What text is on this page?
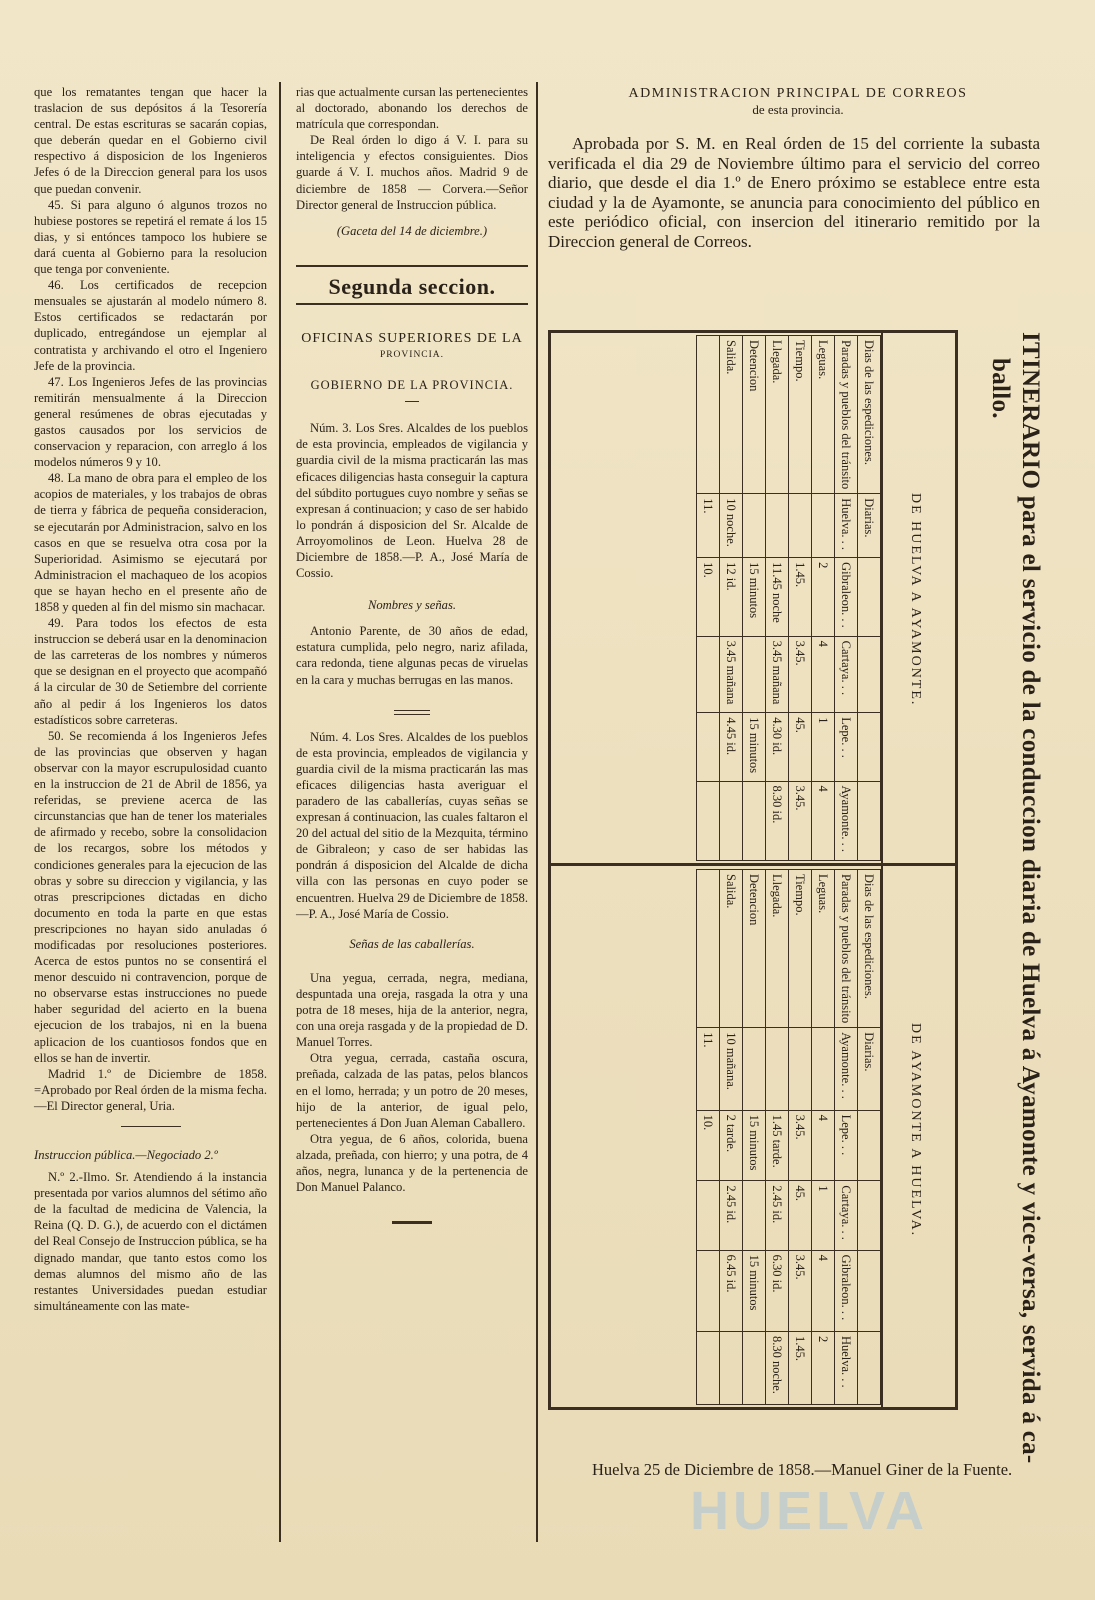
que los rematantes tengan que hacer la traslacion de sus depósitos á la Tesorería central. De estas escrituras se sacarán copias, que deberán quedar en el Gobierno civil respectivo á disposicion de los Ingenieros Jefes ó de la Direccion general para los usos que puedan convenir.

45. Si para alguno ó algunos trozos no hubiese postores se repetirá el remate á los 15 dias, y si entónces tampoco los hubiere se dará cuenta al Gobierno para la resolucion que tenga por conveniente.

46. Los certificados de recepcion mensuales se ajustarán al modelo número 8. Estos certificados se redactarán por duplicado, entregándose un ejemplar al contratista y archivando el otro el Ingeniero Jefe de la provincia.

47. Los Ingenieros Jefes de las provincias remitirán mensualmente á la Direccion general resúmenes de obras ejecutadas y gastos causados por los servicios de conservacion y reparacion, con arreglo á los modelos números 9 y 10.

48. La mano de obra para el empleo de los acopios de materiales, y los trabajos de obras de tierra y fábrica de pequeña consideracion, se ejecutarán por Administracion, salvo en los casos en que se resuelva otra cosa por la Superioridad. Asimismo se ejecutará por Administracion el machaqueo de los acopios que se hayan hecho en el presente año de 1858 y queden al fin del mismo sin machacar.

49. Para todos los efectos de esta instruccion se deberá usar en la denominacion de las carreteras de los nombres y números que se designan en el proyecto que acompañó á la circular de 30 de Setiembre del corriente año al pedir á los Ingenieros los datos estadísticos sobre carreteras.

50. Se recomienda á los Ingenieros Jefes de las provincias que observen y hagan observar con la mayor escrupulosidad cuanto en la instruccion de 21 de Abril de 1856, ya referidas, se previene acerca de las circunstancias que han de tener los materiales de afirmado y recebo, sobre la consolidacion de los recargos, sobre los métodos y condiciones generales para la ejecucion de las obras y sobre su direccion y vigilancia, y las otras prescripciones dictadas en dicho documento en toda la parte en que estas prescripciones no hayan sido anuladas ó modificadas por resoluciones posteriores. Acerca de estos puntos no se consentirá el menor descuido ni contravencion, porque de no observarse estas instrucciones no puede haber seguridad del acierto en la buena ejecucion de los trabajos, ni en la buena aplicacion de los cuantiosos fondos que en ellos se han de invertir.

Madrid 1.º de Diciembre de 1858. =Aprobado por Real órden de la misma fecha.—El Director general, Uria.

Instruccion pública.—Negociado 2.º

N.º 2.-Ilmo. Sr. Atendiendo á la instancia presentada por varios alumnos del sétimo año de la facultad de medicina de Valencia, la Reina (Q. D. G.), de acuerdo con el dictámen del Real Consejo de Instruccion pública, se ha dignado mandar, que tanto estos como los demas alumnos del mismo año de las restantes Universidades puedan estudiar simultáneamente con las mate-

rias que actualmente cursan las pertenecientes al doctorado, abonando los derechos de matrícula que correspondan.

De Real órden lo digo á V. I. para su inteligencia y efectos consiguientes. Dios guarde á V. I. muchos años. Madrid 9 de diciembre de 1858 — Corvera.—Señor Director general de Instruccion pública.

(Gaceta del 14 de diciembre.)

Segunda seccion.
OFICINAS SUPERIORES DE LA
PROVINCIA.
GOBIERNO DE LA PROVINCIA.

Núm. 3. Los Sres. Alcaldes de los pueblos de esta provincia, empleados de vigilancia y guardia civil de la misma practicarán las mas eficaces diligencias hasta conseguir la captura del súbdito portugues cuyo nombre y señas se expresan á continuacion; y caso de ser habido lo pondrán á disposicion del Sr. Alcalde de Arroyomolinos de Leon. Huelva 28 de Diciembre de 1858.—P. A., José María de Cossio.

Nombres y señas.

Antonio Parente, de 30 años de edad, estatura cumplida, pelo negro, nariz afilada, cara redonda, tiene algunas pecas de viruelas en la cara y muchas berrugas en las manos.

Núm. 4. Los Sres. Alcaldes de los pueblos de esta provincia, empleados de vigilancia y guardia civil de la misma practicarán las mas eficaces diligencias hasta averiguar el paradero de las caballerías, cuyas señas se expresan á continuacion, las cuales faltaron el 20 del actual del sitio de la Mezquita, término de Gibraleon; y caso de ser habidas las pondrán á disposicion del Alcalde de dicha villa con las personas en cuyo poder se encuentren. Huelva 29 de Diciembre de 1858.—P. A., José María de Cossio.

Señas de las caballerías.

Una yegua, cerrada, negra, mediana, despuntada una oreja, rasgada la otra y una potra de 18 meses, hija de la anterior, negra, con una oreja rasgada y de la propiedad de D. Manuel Torres.

Otra yegua, cerrada, castaña oscura, preñada, calzada de las patas, pelos blancos en el lomo, herrada; y un potro de 20 meses, hijo de la anterior, de igual pelo, pertenecientes á Don Juan Aleman Caballero.

Otra yegua, de 6 años, colorida, buena alzada, preñada, con hierro; y una potra, de 4 años, negra, lunanca y de la pertenencia de Don Manuel Palanco.

ADMINISTRACION PRINCIPAL DE CORREOS
de esta provincia.

Aprobada por S. M. en Real órden de 15 del corriente la subasta verificada el dia 29 de Noviembre último para el servicio del correo diario, que desde el dia 1.º de Enero próximo se establece entre esta ciudad y la de Ayamonte, se anuncia para conocimiento del público en este periódico oficial, con insercion del itinerario remitido por la Direccion general de Correos.

ITINERARIO para el servicio de la conduccion diaria de Huelva á Ayamonte y vice-versa, servida á ca-
ballo.
DE HUELVA A AYAMONTE.
DE AYAMONTE A HUELVA.
Dias de las espediciones.	Diarias.				
Paradas y pueblos del tránsito	Huelva. . .	Gibraleon. . .	Cartaya. . .	Lepe. . .	Ayamonte. . .
Leguas.		2	4	1	4
Tiempo.		1.45.	3.45.	45.	3.45.
Llegada.		11.45 noche	3.45 mañana	4.30 id.	8.30 id.
Detencion		15 minutos		15 minutos	
Salida.	10 noche.	12 id.	3.45 mañana	4.45 id.	
	11.	10.			
Dias de las espediciones.	Diarias.				
Paradas y pueblos del tránsito	Ayamonte. . .	Lepe. . .	Cartaya. . .	Gibraleon. . .	Huelva. . .
Leguas.		4	1	4	2
Tiempo.		3.45.	45.	3.45.	1.45.
Llegada.		1.45 tarde.	2.45 id.	6.30 id.	8.30 noche.
Detencion		15 minutos		15 minutos	
Salida.	10 mañana.	2 tarde.	2.45 id.	6.45 id.	
	11.	10.			
Huelva 25 de Diciembre de 1858.—Manuel Giner de la Fuente.
HUELVA
